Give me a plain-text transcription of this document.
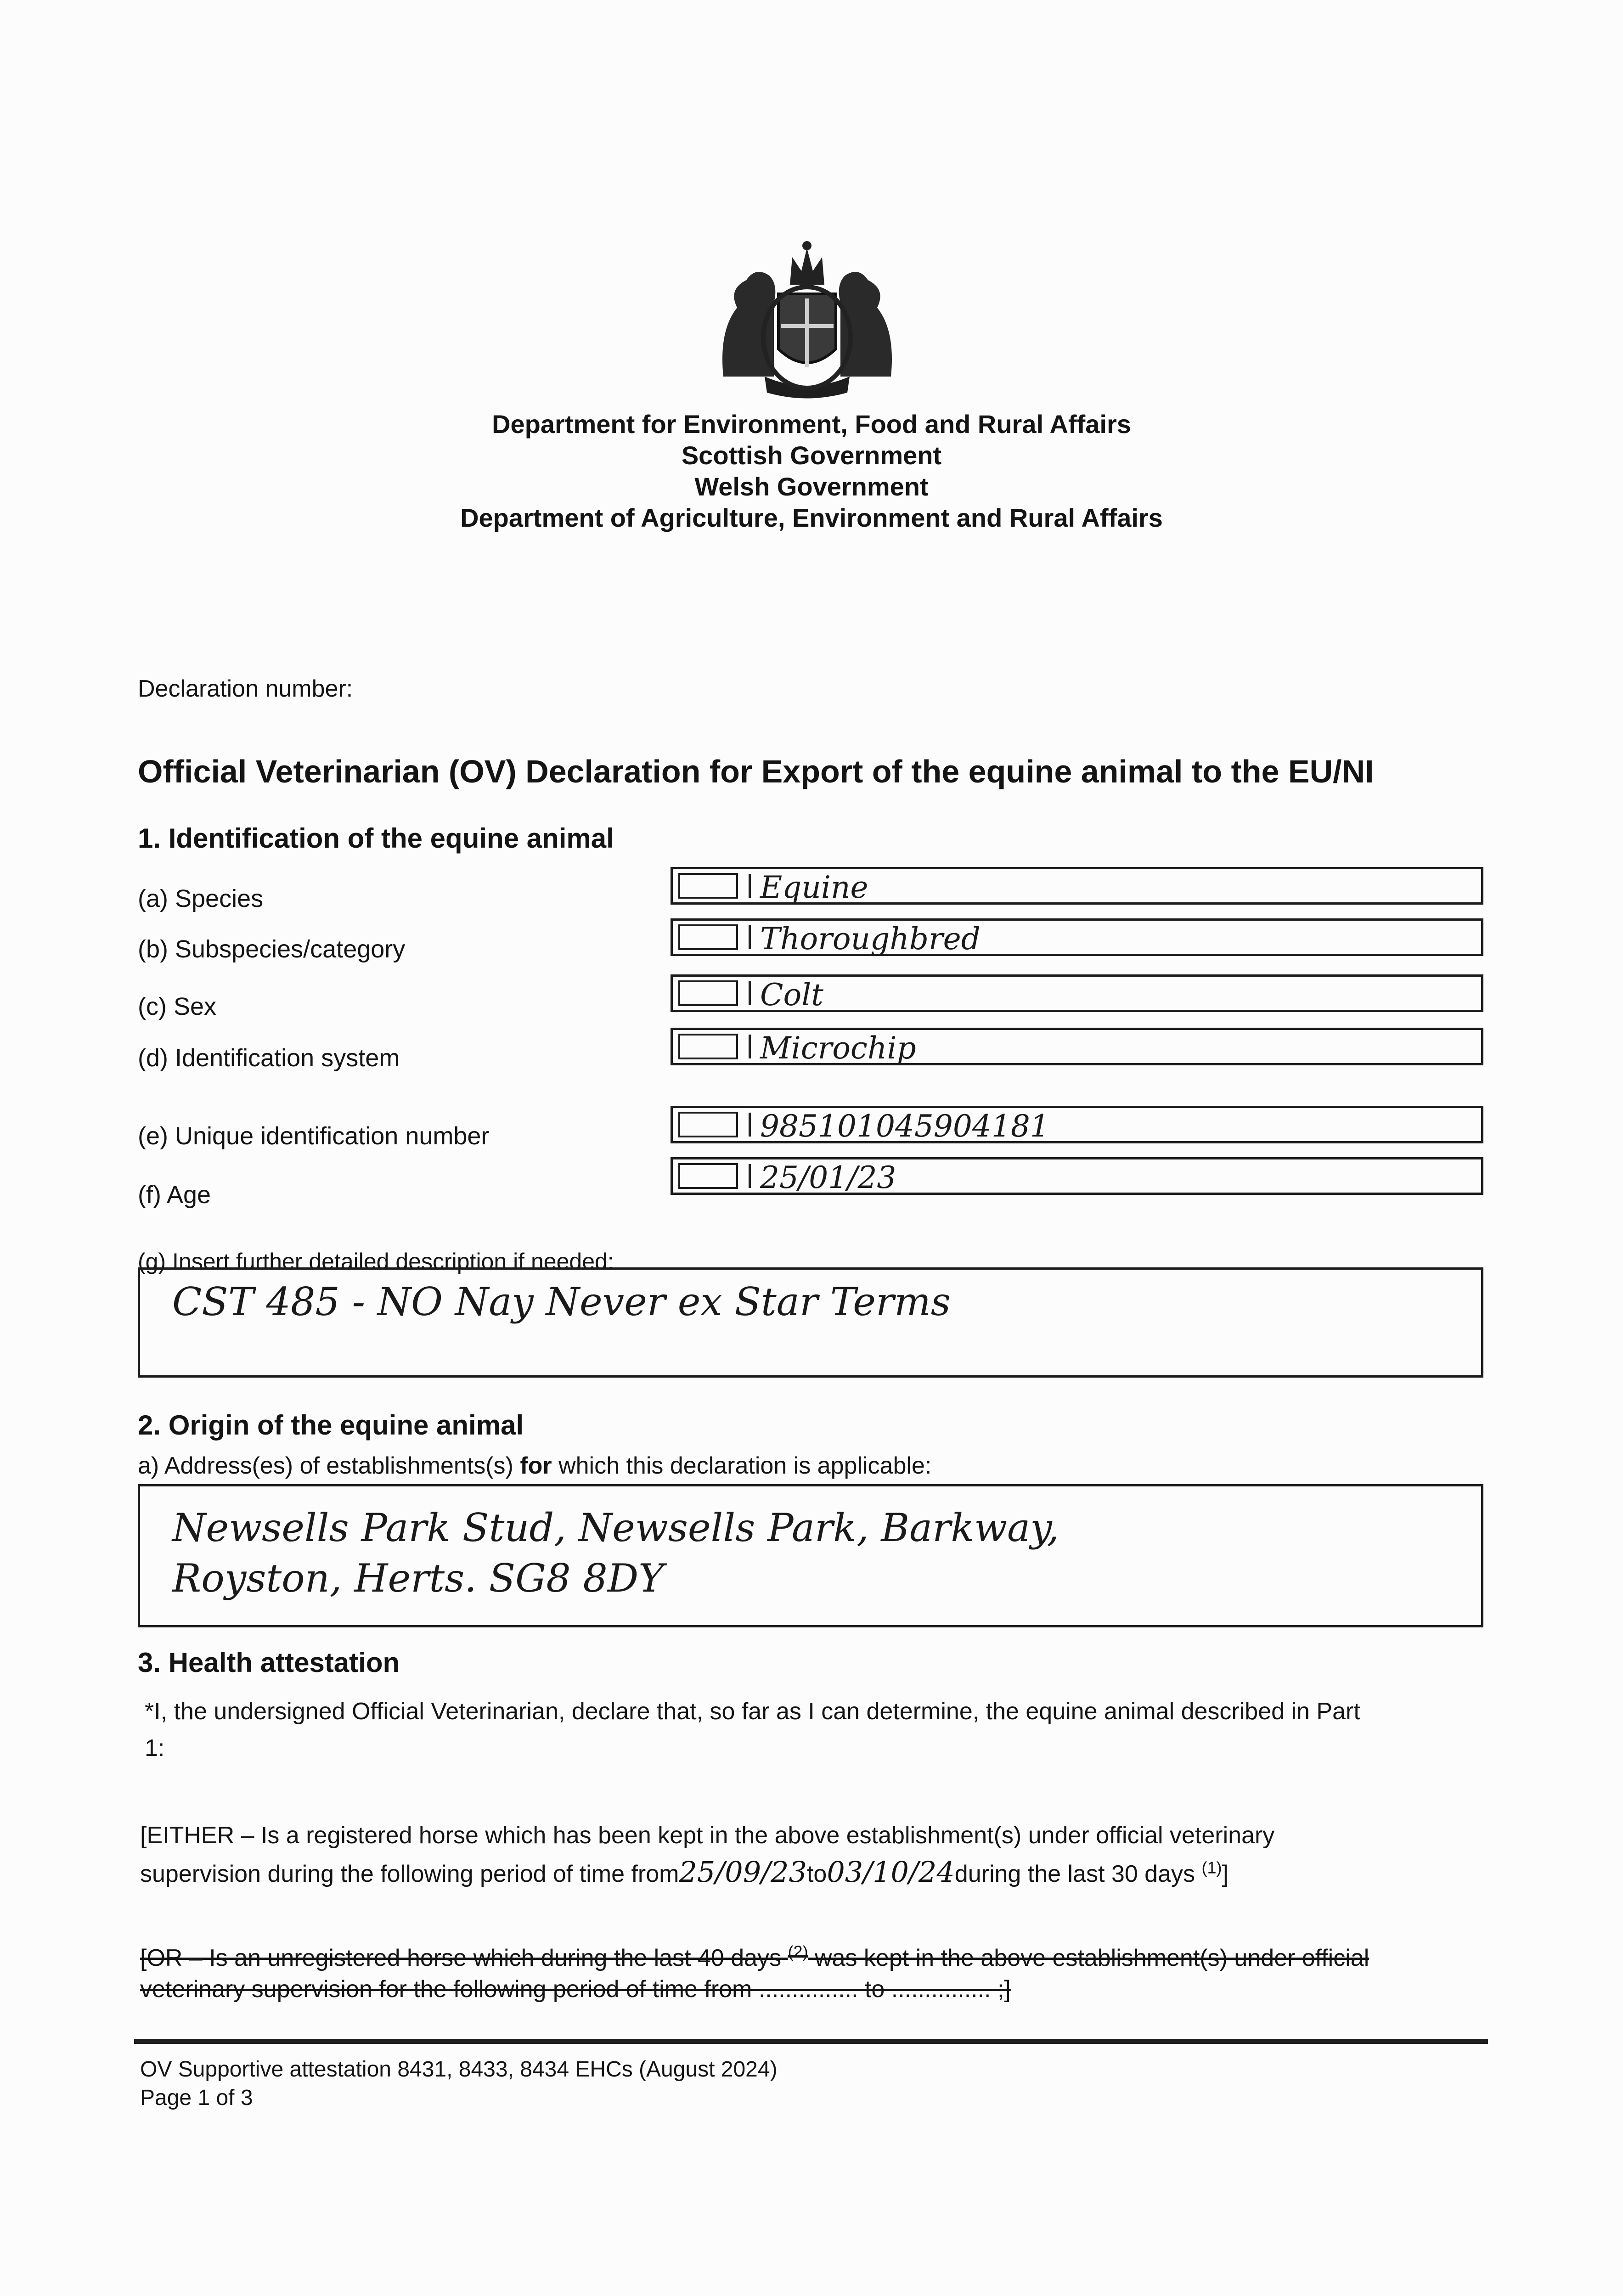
Department for Environment, Food and Rural Affairs
Scottish Government
Welsh Government
Department of Agriculture, Environment and Rural Affairs
Declaration number:
Official Veterinarian (OV) Declaration for Export of the equine animal to the EU/NI
1. Identification of the equine animal
(a) Species	Equine
(b) Subspecies/category	Thoroughbred
(c) Sex	Colt
(d) Identification system	Microchip
(e) Unique identification number	985101045904181
(f) Age	25/01/23
(g) Insert further detailed description if needed:
CST 485 - NO Nay Never ex Star Terms
2. Origin of the equine animal
a) Address(es) of establishments(s) for which this declaration is applicable:
Newsells Park Stud, Newsells Park, Barkway,
Royston, Herts. SG8 8DY
3. Health attestation
*I, the undersigned Official Veterinarian, declare that, so far as I can determine, the equine animal described in Part
1:
[EITHER – Is a registered horse which has been kept in the above establishment(s) under official veterinary
supervision during the following period of time from25/09/23to03/10/24during the last 30 days $^{(1)}$]
[OR – Is an unregistered horse which during the last 40 days $^{(2)}$ was kept in the above establishment(s) under official
veterinary supervision for the following period of time from ............... to ............... ;]
OV Supportive attestation 8431, 8433, 8434 EHCs (August 2024)
Page 1 of 3
